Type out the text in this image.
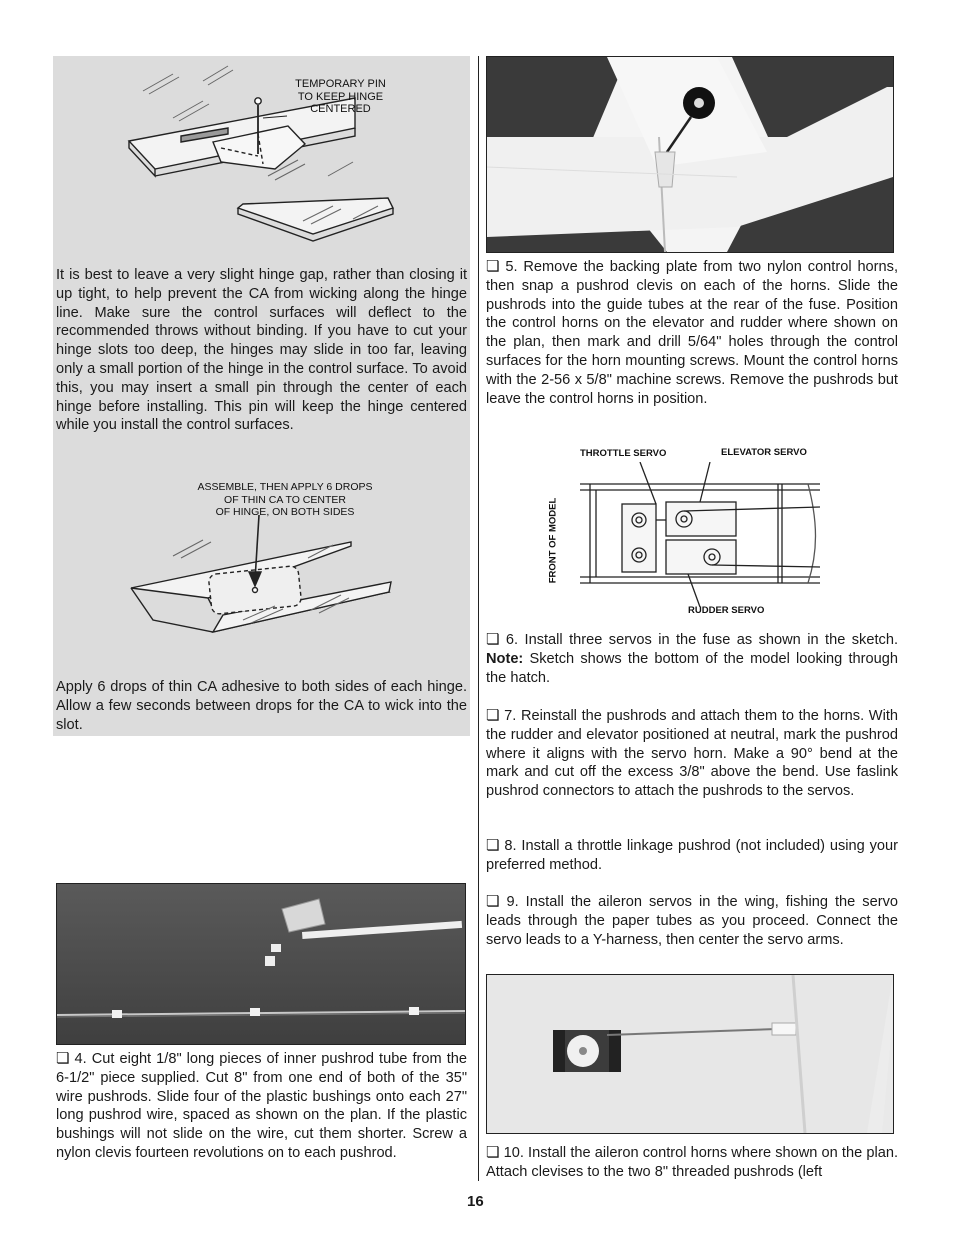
TEMPORARY PIN
TO KEEP HINGE
CENTERED

It is best to leave a very slight hinge gap, rather than closing it up tight, to help prevent the CA from wicking along the hinge line. Make sure the control surfaces will deflect to the recommended throws without binding. If you have to cut your hinge slots too deep, the hinges may slide in too far, leaving only a small portion of the hinge in the control surface. To avoid this, you may insert a small pin through the center of each hinge before installing. This pin will keep the hinge centered while you install the control surfaces.

ASSEMBLE, THEN APPLY 6 DROPS
OF THIN CA TO CENTER
OF HINGE, ON BOTH SIDES

Apply 6 drops of thin CA adhesive to both sides of each hinge. Allow a few seconds between drops for the CA to wick into the slot.

❏ 4. Cut eight 1/8" long pieces of inner pushrod tube from the 6-1/2" piece supplied. Cut 8" from one end of both of the 35" wire pushrods. Slide four of the plastic bushings onto each 27" long pushrod wire, spaced as shown on the plan. If the plastic bushings will not slide on the wire, cut them shorter. Screw a nylon clevis fourteen revolutions on to each pushrod.

❏ 5. Remove the backing plate from two nylon control horns, then snap a pushrod clevis on each of the horns. Slide the pushrods into the guide tubes at the rear of the fuse. Position the control horns on the elevator and rudder where shown on the plan, then mark and drill 5/64" holes through the control surfaces for the horn mounting screws. Mount the control horns with the 2-56 x 5/8" machine screws. Remove the pushrods but leave the control horns in position.

THROTTLE SERVO	ELEVATOR SERVO
RUDDER SERVO
FRONT OF MODEL

❏ 6. Install three servos in the fuse as shown in the sketch. Note: Sketch shows the bottom of the model looking through the hatch.

❏ 7. Reinstall the pushrods and attach them to the horns. With the rudder and elevator positioned at neutral, mark the pushrod where it aligns with the servo horn. Make a 90° bend at the mark and cut off the excess 3/8" above the bend. Use faslink pushrod connectors to attach the pushrods to the servos.

❏ 8. Install a throttle linkage pushrod (not included) using your preferred method.

❏ 9. Install the aileron servos in the wing, fishing the servo leads through the paper tubes as you proceed. Connect the servo leads to a Y-harness, then center the servo arms.

❏ 10. Install the aileron control horns where shown on the plan. Attach clevises to the two 8" threaded pushrods (left

16
